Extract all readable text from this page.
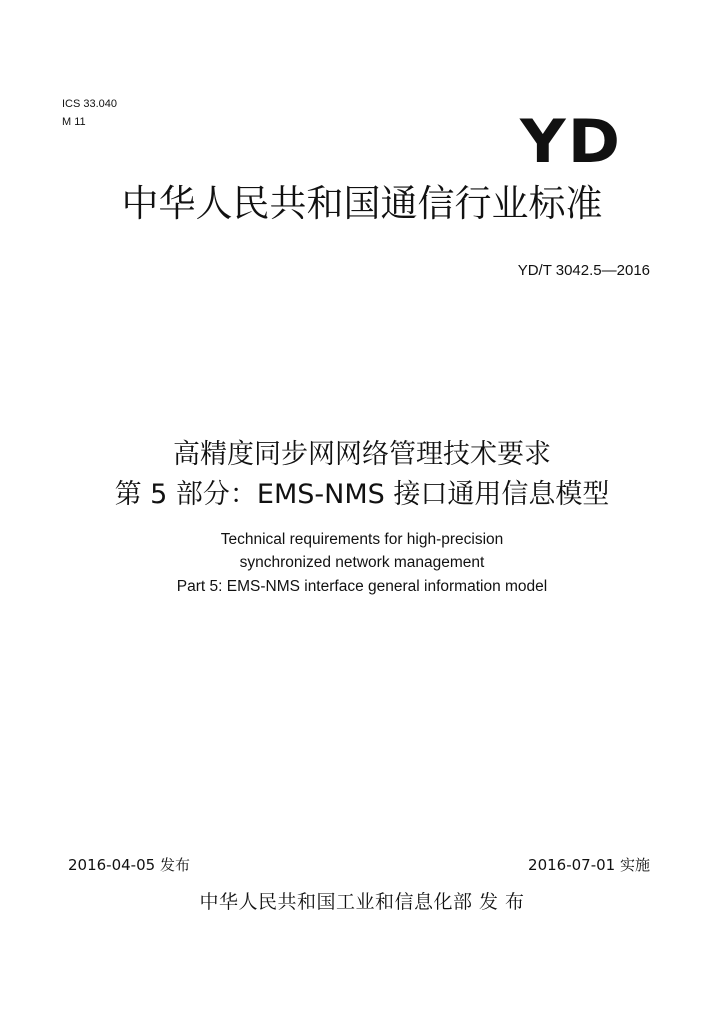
ICS 33.040
M 11	YD
中华人民共和国通信行业标准
YD/T 3042.5—2016
高精度同步网网络管理技术要求
第 5 部分：EMS-NMS 接口通用信息模型
Technical requirements for high-precision
synchronized network management
Part 5: EMS-NMS interface general information model
2016-04-05 发布	2016-07-01 实施
中华人民共和国工业和信息化部 发 布
